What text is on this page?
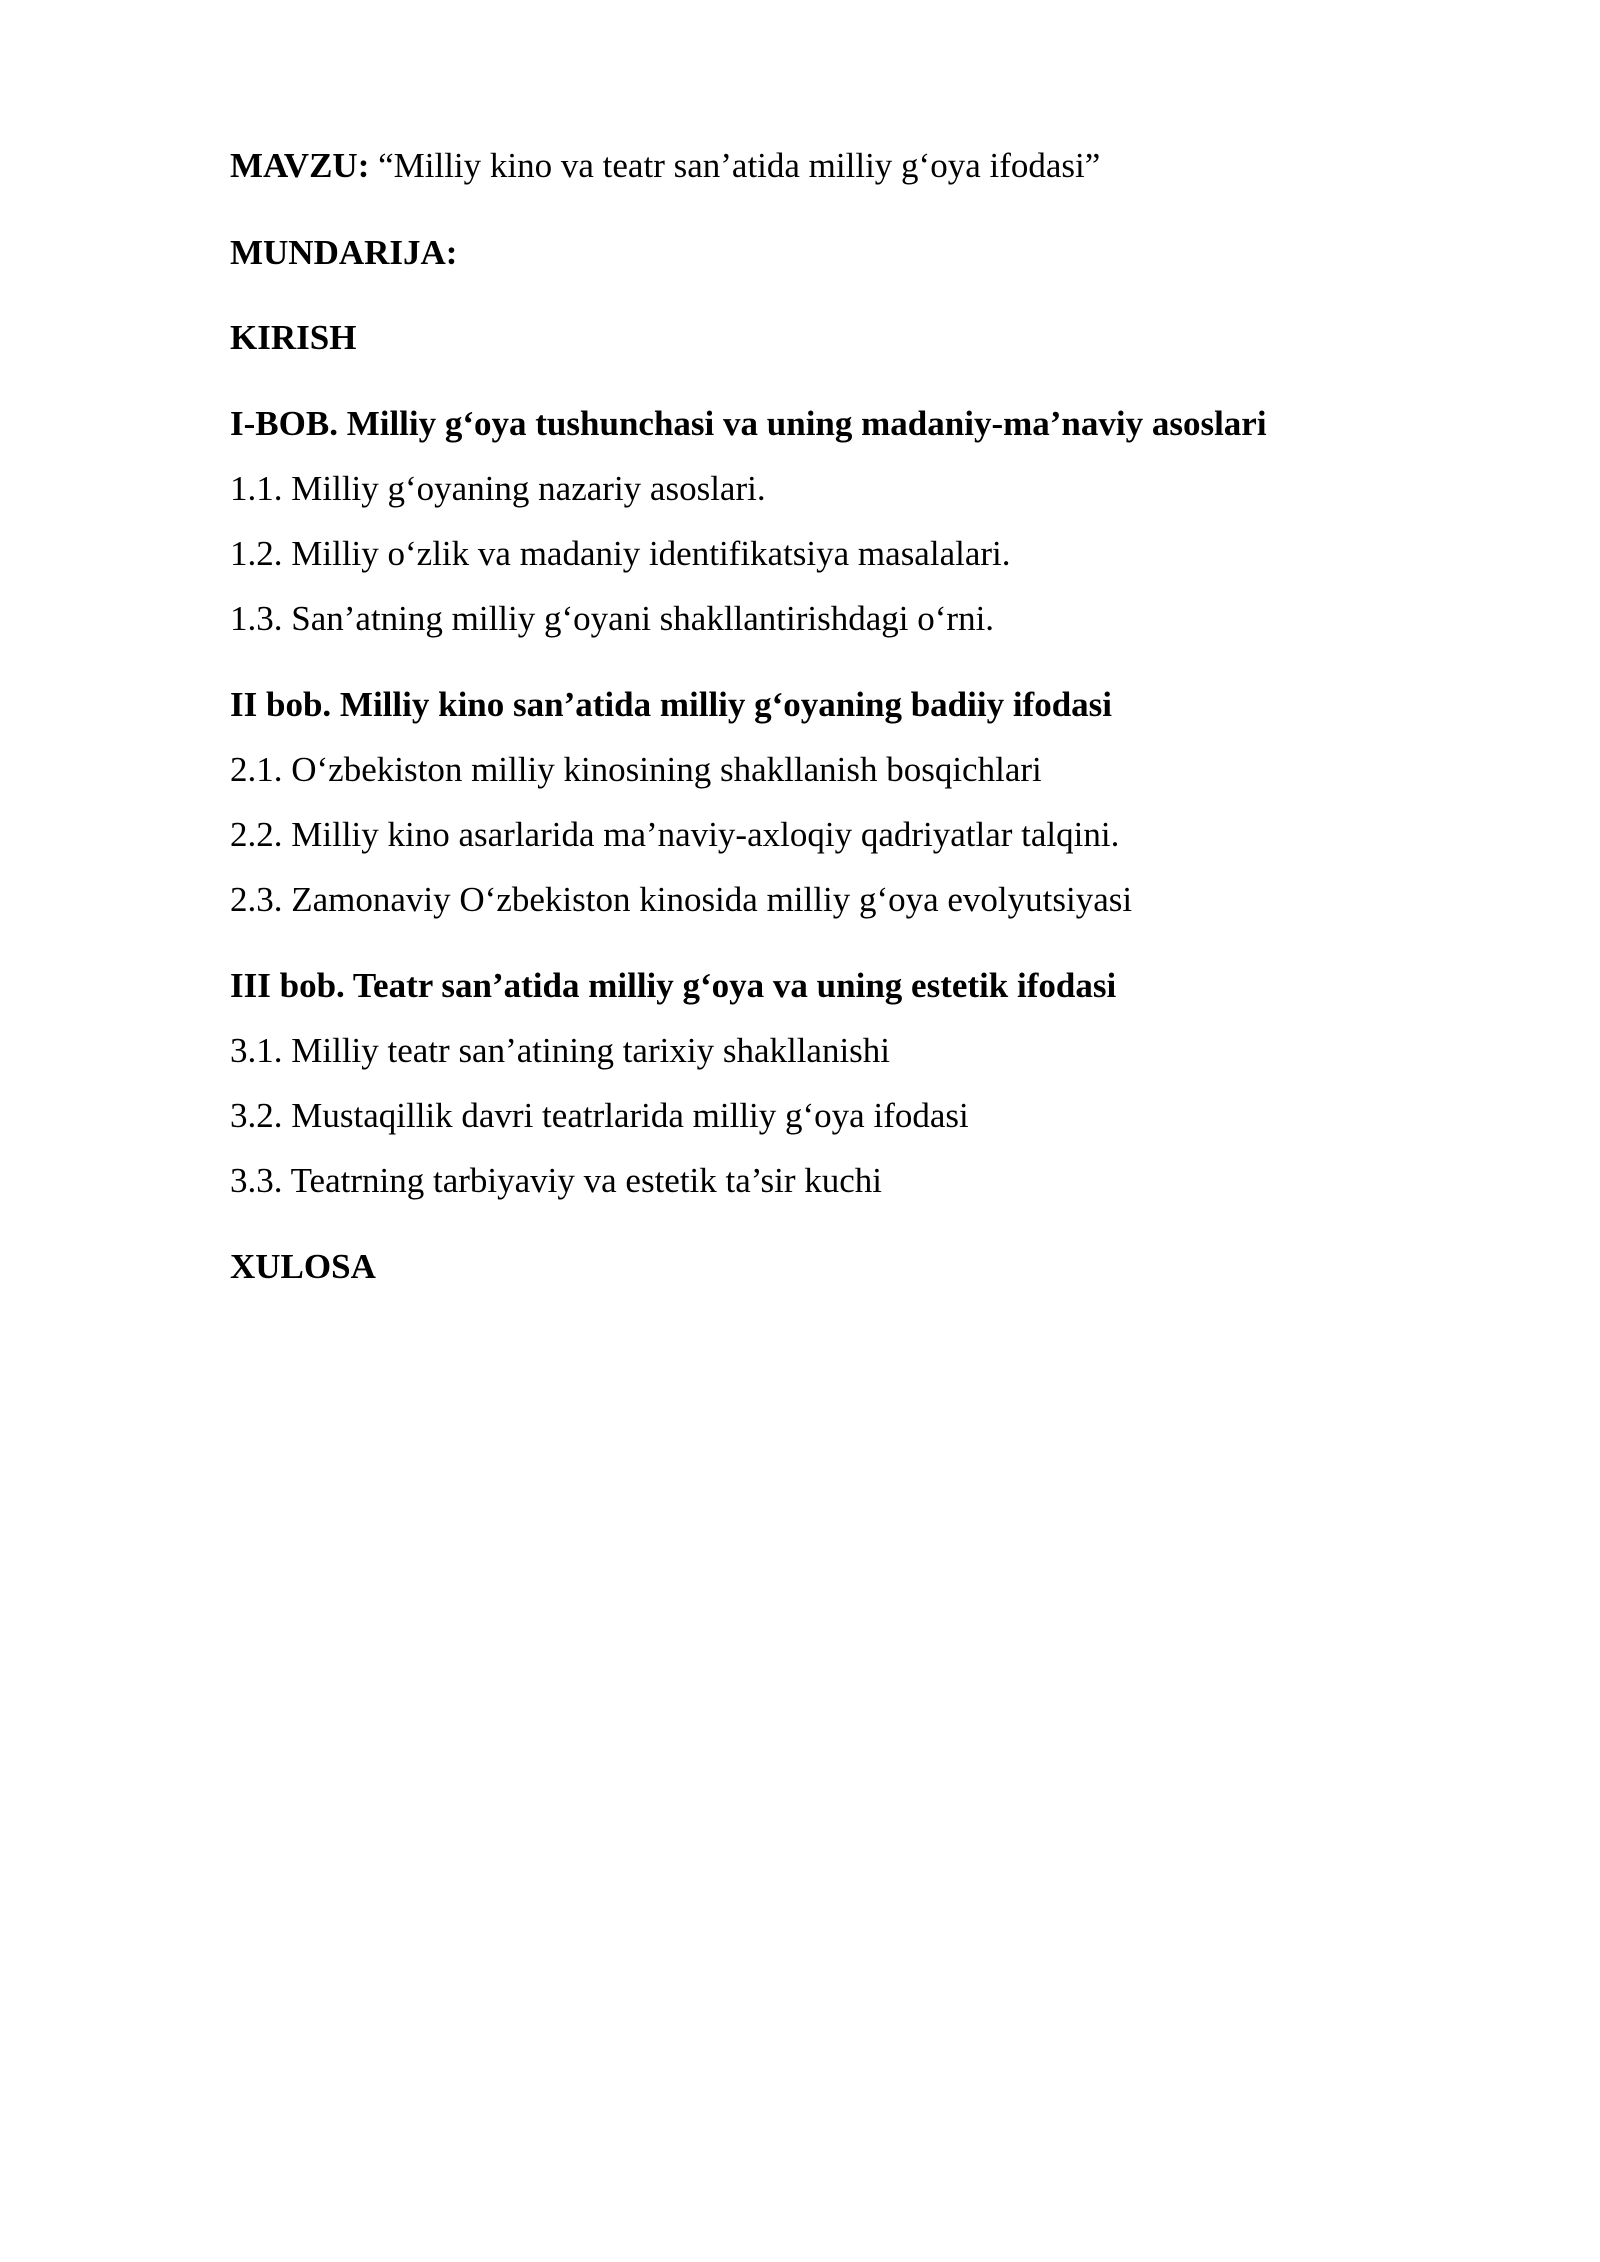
MAVZU: “Milliy kino va teatr san’atida milliy g‘oya ifodasi”
MUNDARIJA:
KIRISH
I-BOB. Milliy g‘oya tushunchasi va uning madaniy-ma’naviy asoslari
1.1. Milliy g‘oyaning nazariy asoslari.
1.2. Milliy o‘zlik va madaniy identifikatsiya masalalari.
1.3. San’atning milliy g‘oyani shakllantirishdagi o‘rni.
II bob. Milliy kino san’atida milliy g‘oyaning badiiy ifodasi
2.1. O‘zbekiston milliy kinosining shakllanish bosqichlari
2.2. Milliy kino asarlarida ma’naviy-axloqiy qadriyatlar talqini.
2.3. Zamonaviy O‘zbekiston kinosida milliy g‘oya evolyutsiyasi
III bob. Teatr san’atida milliy g‘oya va uning estetik ifodasi
3.1. Milliy teatr san’atining tarixiy shakllanishi
3.2. Mustaqillik davri teatrlarida milliy g‘oya ifodasi
3.3. Teatrning tarbiyaviy va estetik ta’sir kuchi
XULOSA
